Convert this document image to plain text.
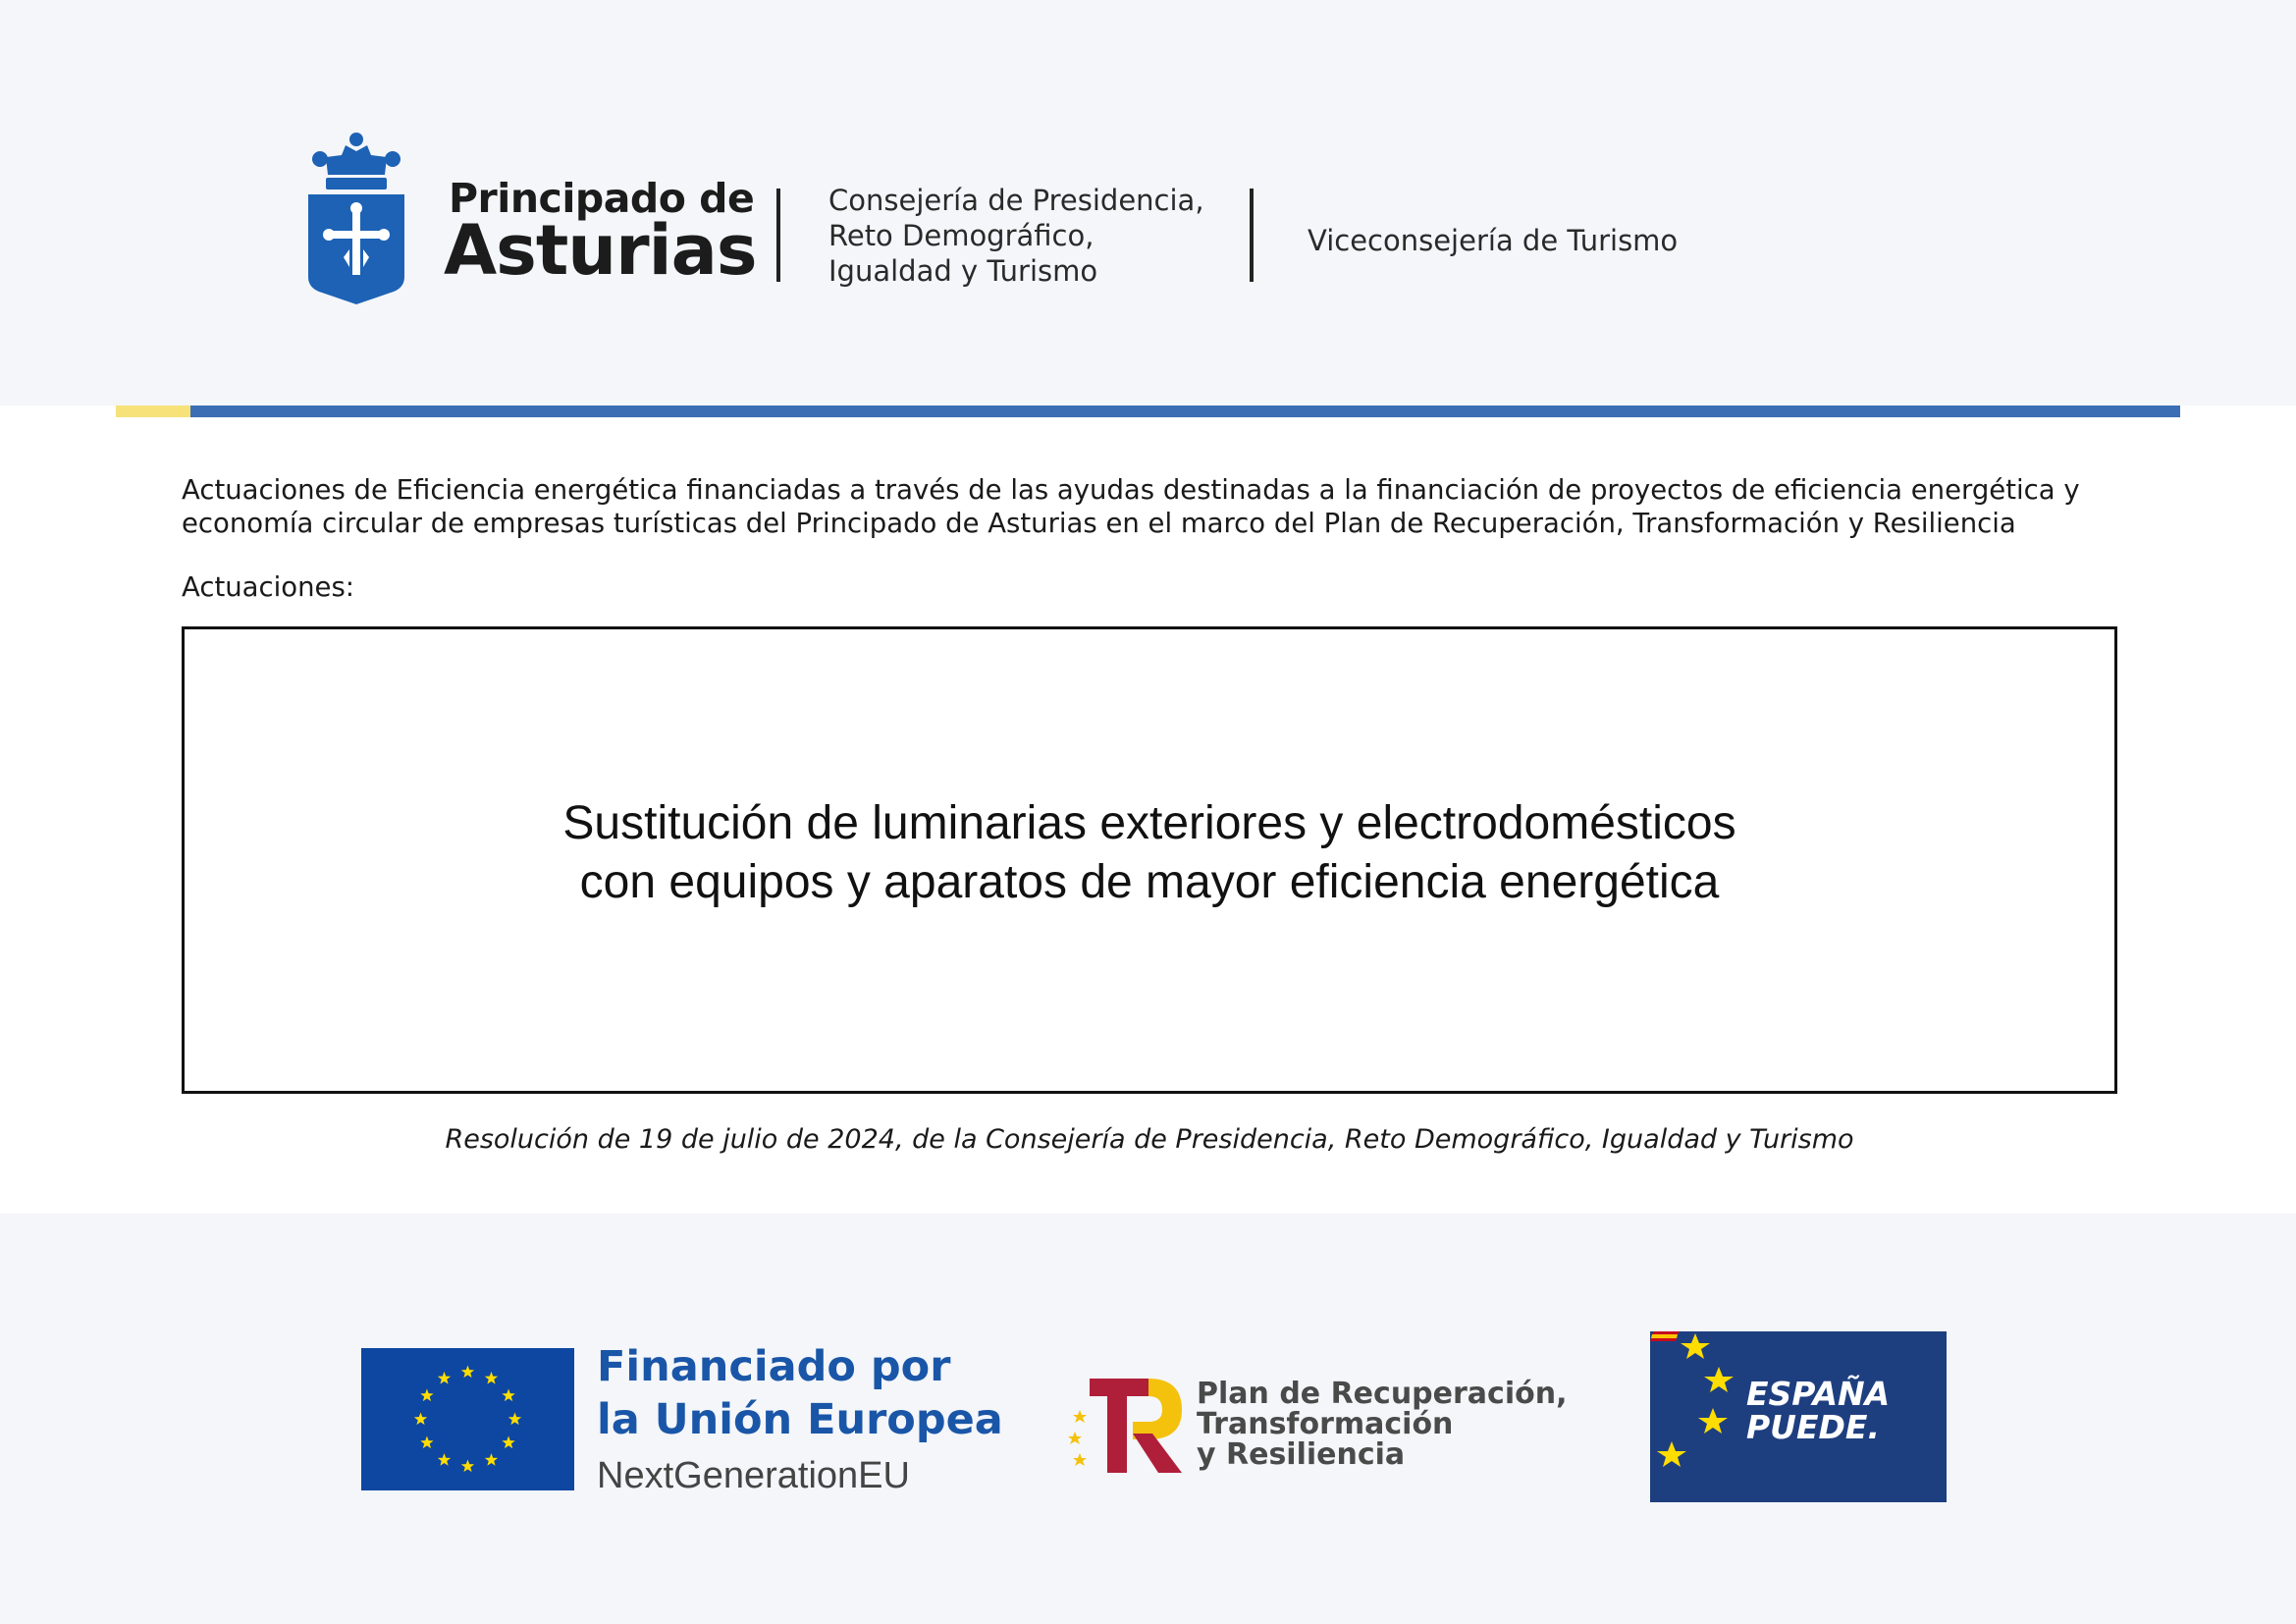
Principado de
Asturias
Consejería de Presidencia,
Reto Demográfico,
Igualdad y Turismo
Viceconsejería de Turismo

Actuaciones de Eficiencia energética financiadas a través de las ayudas destinadas a la financiación de proyectos de eficiencia energética y economía circular de empresas turísticas del Principado de Asturias en el marco del Plan de Recuperación, Transformación y Resiliencia

Actuaciones:
Sustitución de luminarias exteriores y electrodomésticos
con equipos y aparatos de mayor eficiencia energética
Resolución de 19 de julio de 2024, de la Consejería de Presidencia, Reto Demográfico, Igualdad y Turismo
Financiado por
la Unión Europea
NextGenerationEU
Plan de Recuperación,
Transformación
y Resiliencia
ESPAÑA
PUEDE.
